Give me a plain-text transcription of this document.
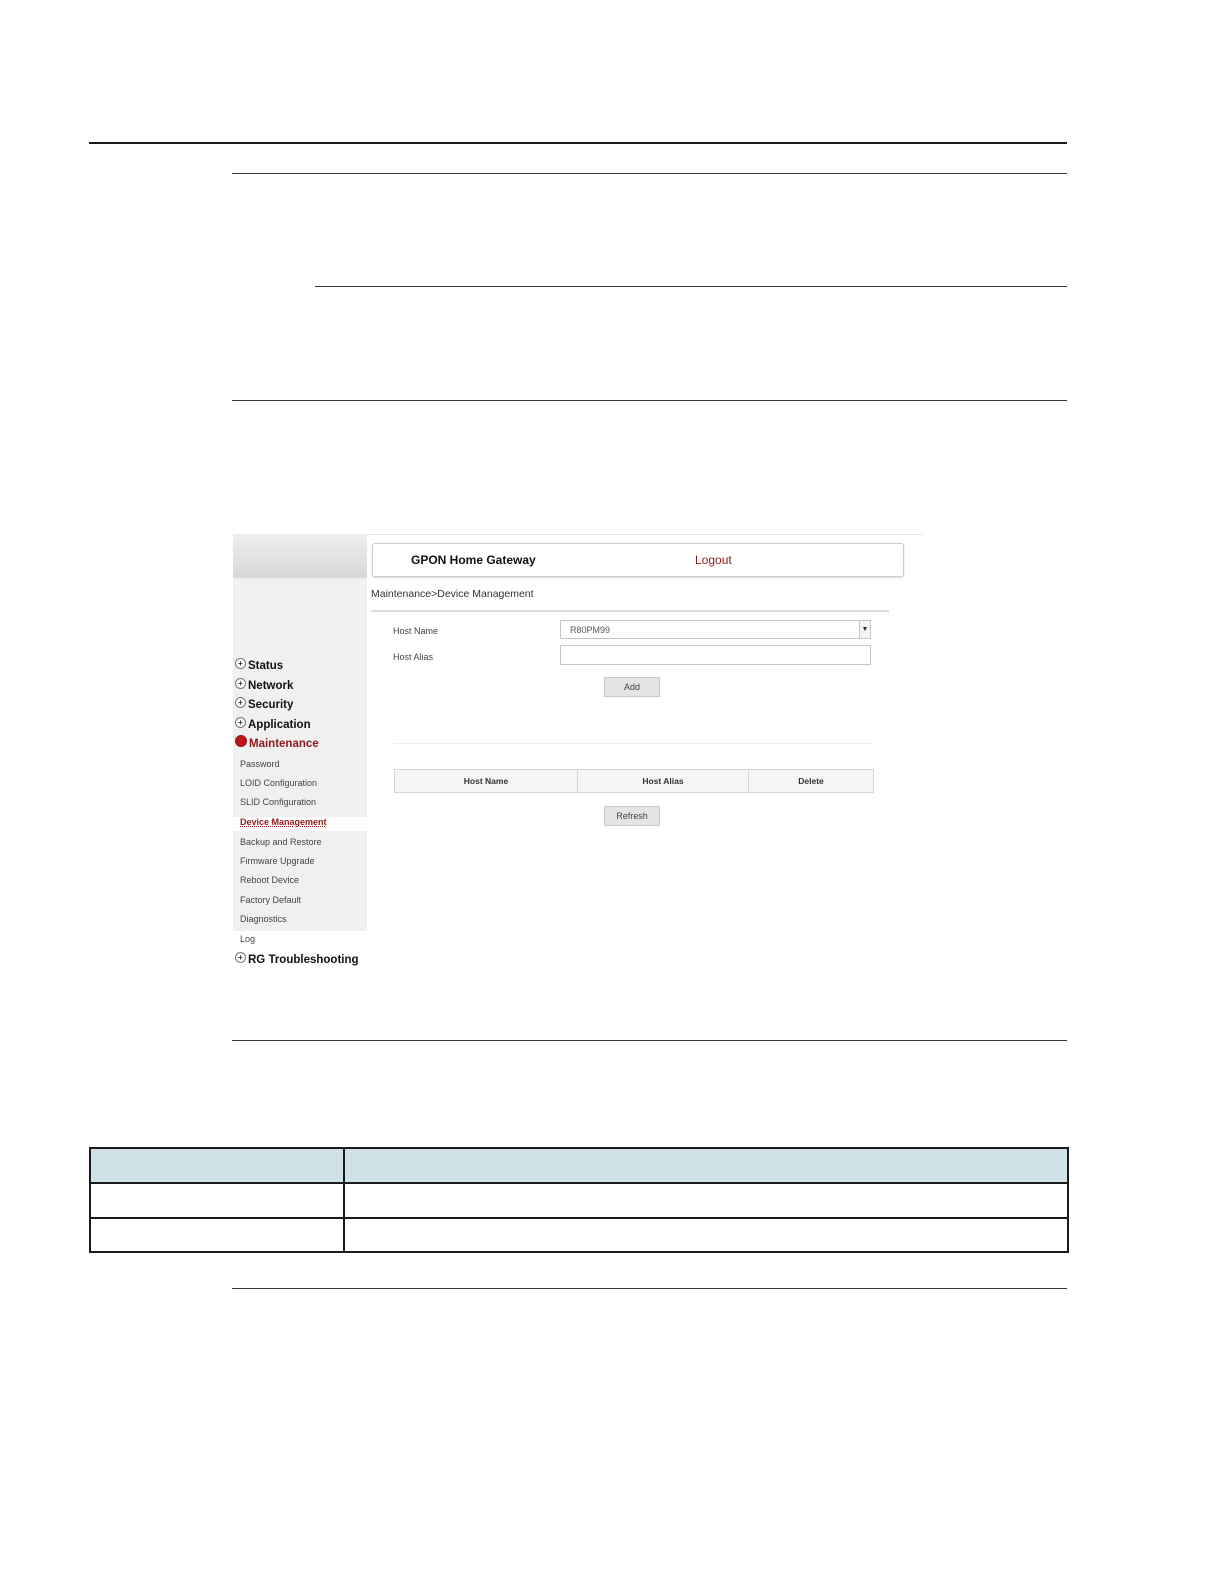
+ Status
+ Network
+ Security
+ Application
Maintenance
Password
LOID Configuration
SLID Configuration
Device Management
Backup and Restore
Firmware Upgrade
Reboot Device
Factory Default
Diagnostics
Log
+ RG Troubleshooting
GPON Home Gateway	Logout
Maintenance>Device Management
Host Name	R80PM99	▼
Host Alias
Add
Host Name	Host Alias	Delete
Refresh
